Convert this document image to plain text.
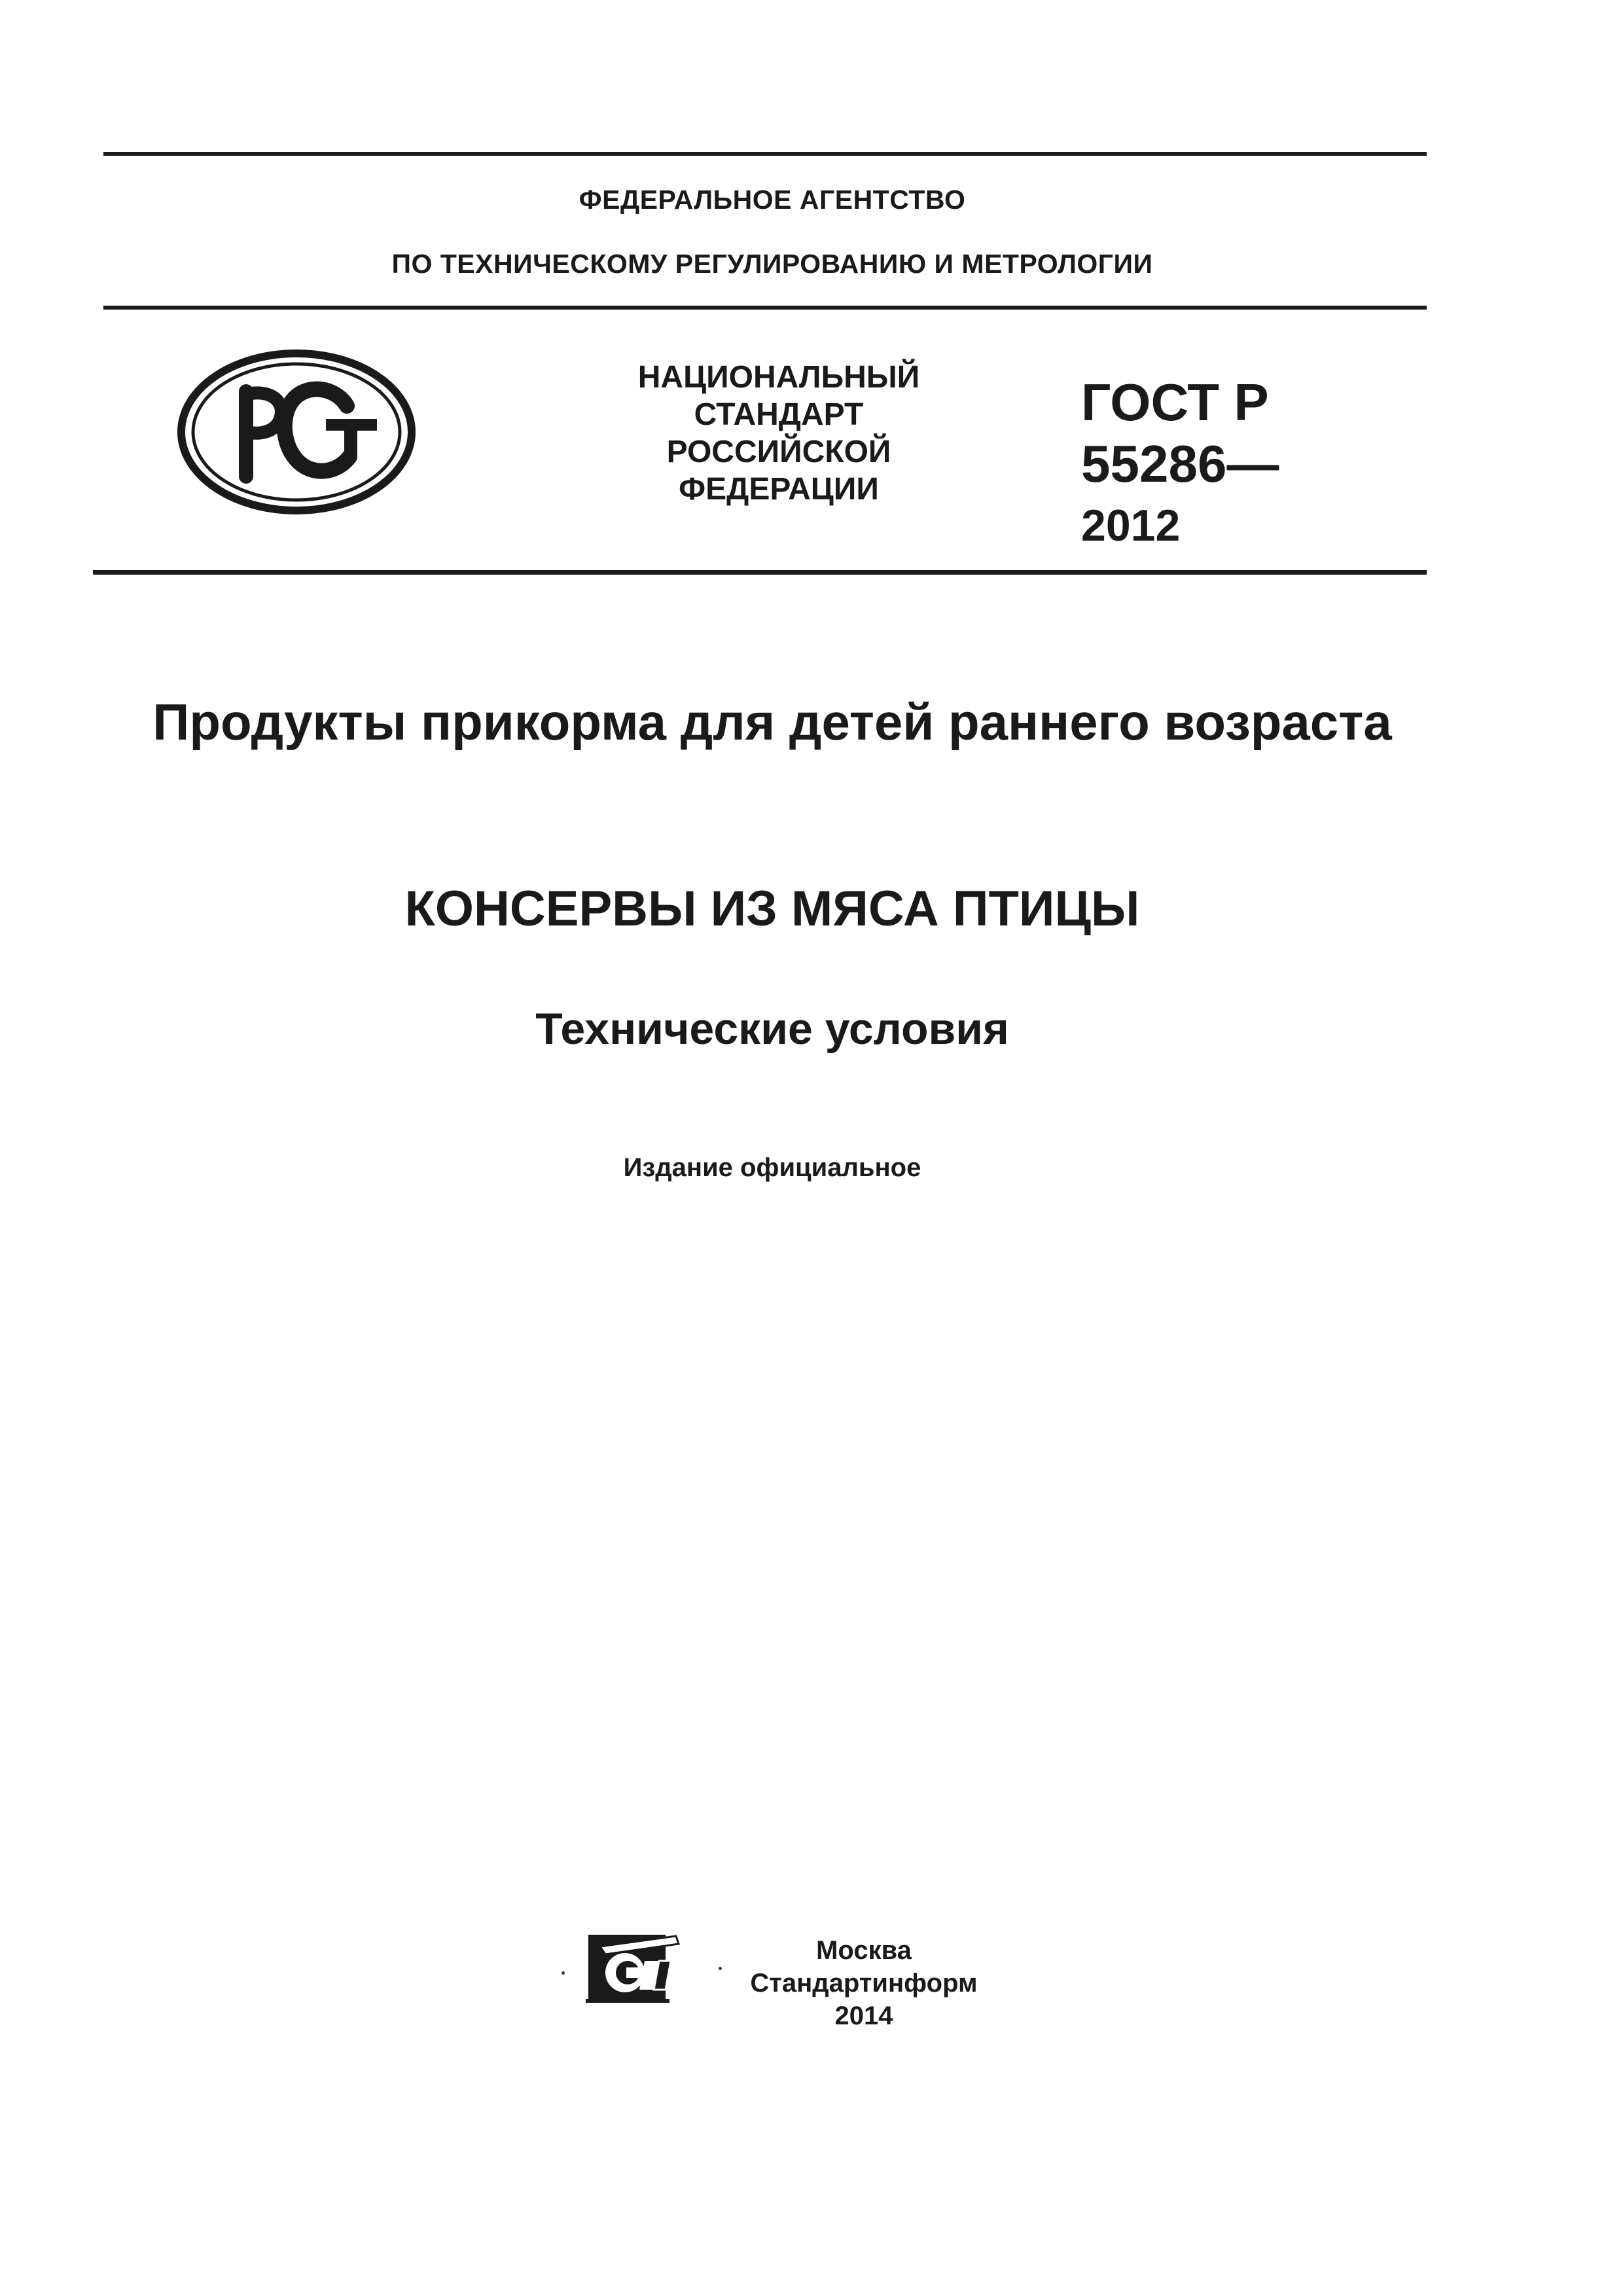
ФЕДЕРАЛЬНОЕ АГЕНТСТВО
ПО ТЕХНИЧЕСКОМУ РЕГУЛИРОВАНИЮ И МЕТРОЛОГИИ
НАЦИОНАЛЬНЫЙ
СТАНДАРТ
РОССИЙСКОЙ
ФЕДЕРАЦИИ
ГОСТ Р
55286—
2012
Продукты прикорма для детей раннего возраста
КОНСЕРВЫ ИЗ МЯСА ПТИЦЫ
Технические условия
Издание официальное
Москва
Стандартинформ
2014
